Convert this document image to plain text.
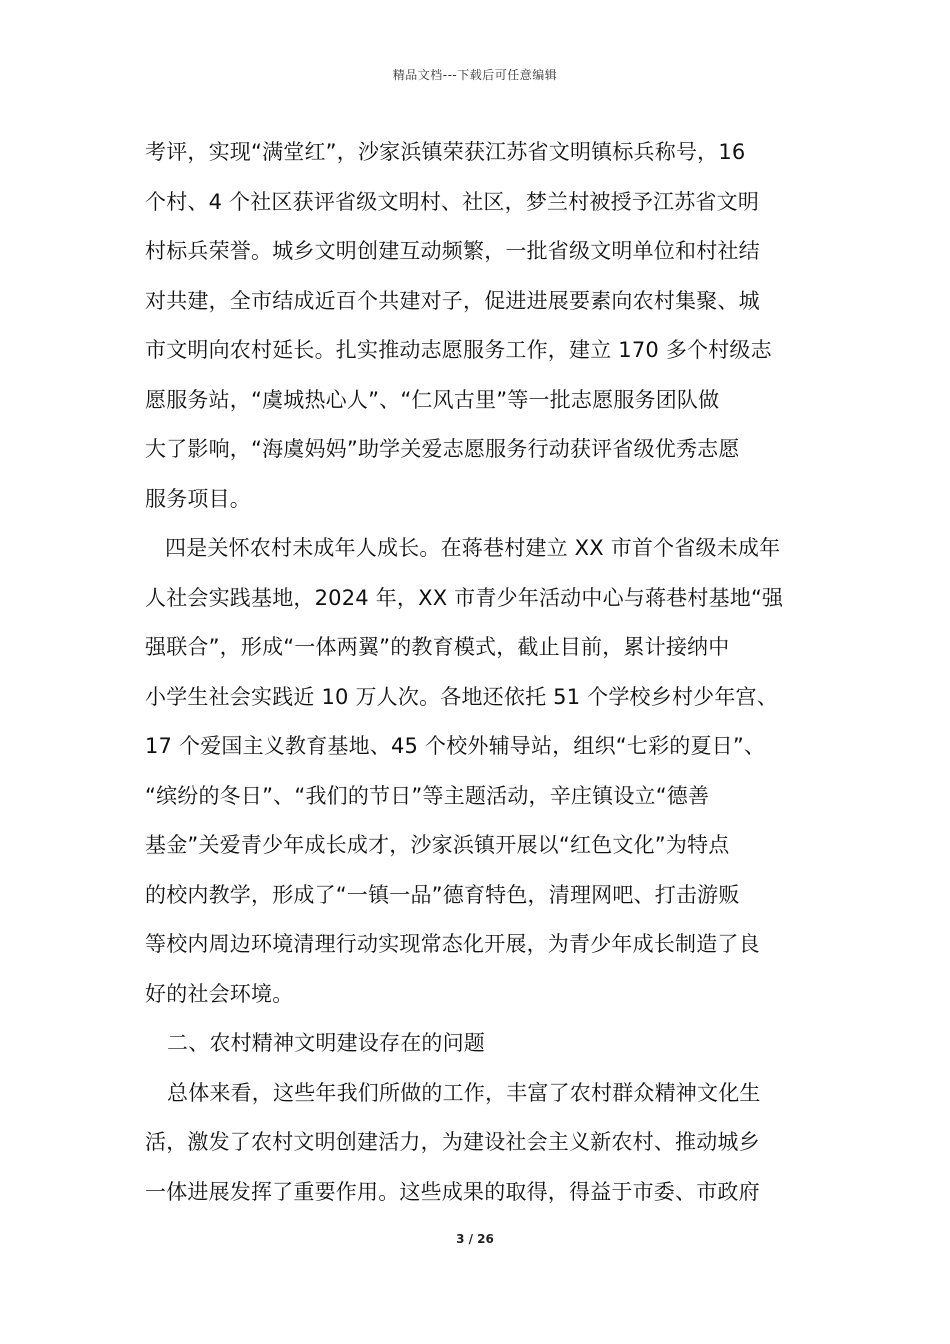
精品文档---下载后可任意编辑
考评，实现“满堂红”，沙家浜镇荣获江苏省文明镇标兵称号，16
个村、4 个社区获评省级文明村、社区，梦兰村被授予江苏省文明
村标兵荣誉。城乡文明创建互动频繁，一批省级文明单位和村社结
对共建，全市结成近百个共建对子，促进进展要素向农村集聚、城
市文明向农村延长。扎实推动志愿服务工作，建立 170 多个村级志
愿服务站，“虞城热心人”、“仁风古里”等一批志愿服务团队做
大了影响，“海虞妈妈”助学关爱志愿服务行动获评省级优秀志愿
服务项目。
四是关怀农村未成年人成长。在蒋巷村建立 XX 市首个省级未成年
人社会实践基地，2024 年，XX 市青少年活动中心与蒋巷村基地“强
强联合”，形成“一体两翼”的教育模式，截止目前，累计接纳中
小学生社会实践近 10 万人次。各地还依托 51 个学校乡村少年宫、
17 个爱国主义教育基地、45 个校外辅导站，组织“七彩的夏日”、
“缤纷的冬日”、“我们的节日”等主题活动，辛庄镇设立“德善
基金”关爱青少年成长成才，沙家浜镇开展以“红色文化”为特点
的校内教学，形成了“一镇一品”德育特色，清理网吧、打击游贩
等校内周边环境清理行动实现常态化开展，为青少年成长制造了良
好的社会环境。
二、农村精神文明建设存在的问题
总体来看，这些年我们所做的工作，丰富了农村群众精神文化生
活，激发了农村文明创建活力，为建设社会主义新农村、推动城乡
一体进展发挥了重要作用。这些成果的取得，得益于市委、市政府
3 / 26
